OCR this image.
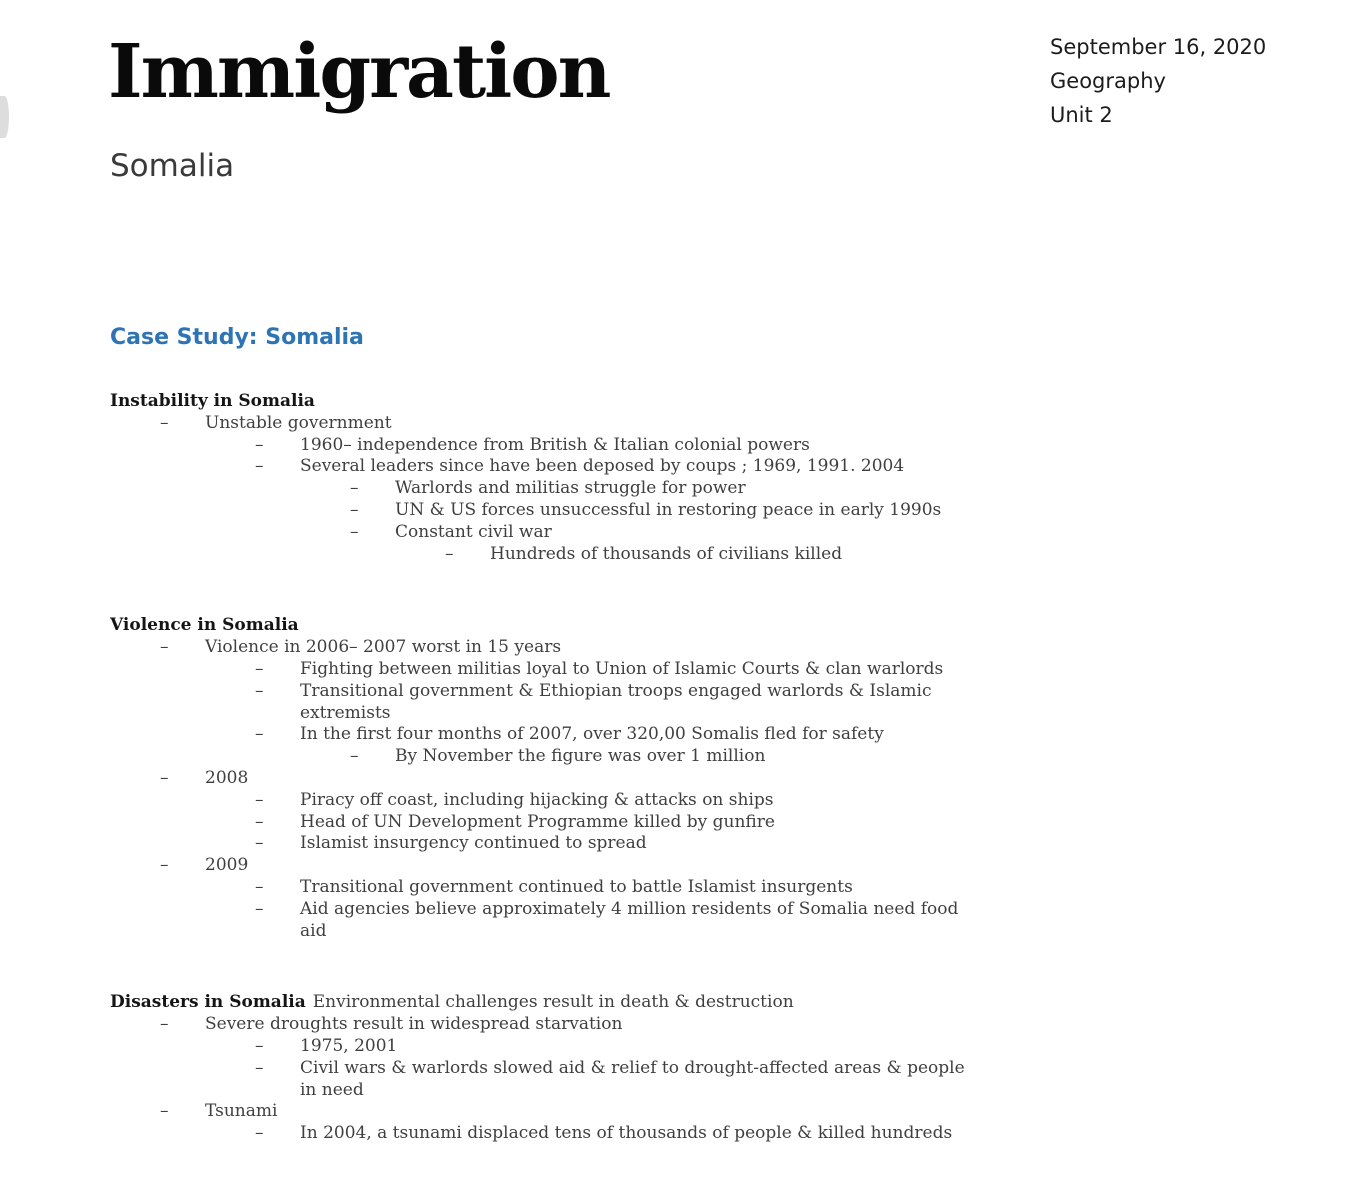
Immigration
Somalia
September 16, 2020
Geography
Unit 2
Case Study: Somalia
Instability in Somalia
–	Unstable government
–	1960– independence from British & Italian colonial powers
–	Several leaders since have been deposed by coups ; 1969, 1991. 2004
–	Warlords and militias struggle for power
–	UN & US forces unsuccessful in restoring peace in early 1990s
–	Constant civil war
–	Hundreds of thousands of civilians killed
Violence in Somalia
–	Violence in 2006– 2007 worst in 15 years
–	Fighting between militias loyal to Union of Islamic Courts & clan warlords
–	Transitional government & Ethiopian troops engaged warlords & Islamic extremists
–	In the first four months of 2007, over 320,00 Somalis fled for safety
–	By November the figure was over 1 million
–	2008
–	Piracy off coast, including hijacking & attacks on ships
–	Head of UN Development Programme killed by gunfire
–	Islamist insurgency continued to spread
–	2009
–	Transitional government continued to battle Islamist insurgents
–	Aid agencies believe approximately 4 million residents of Somalia need food aid
Disasters in Somalia Environmental challenges result in death & destruction
–	Severe droughts result in widespread starvation
–	1975, 2001
–	Civil wars & warlords slowed aid & relief to drought-affected areas & people in need
–	Tsunami
–	In 2004, a tsunami displaced tens of thousands of people & killed hundreds
